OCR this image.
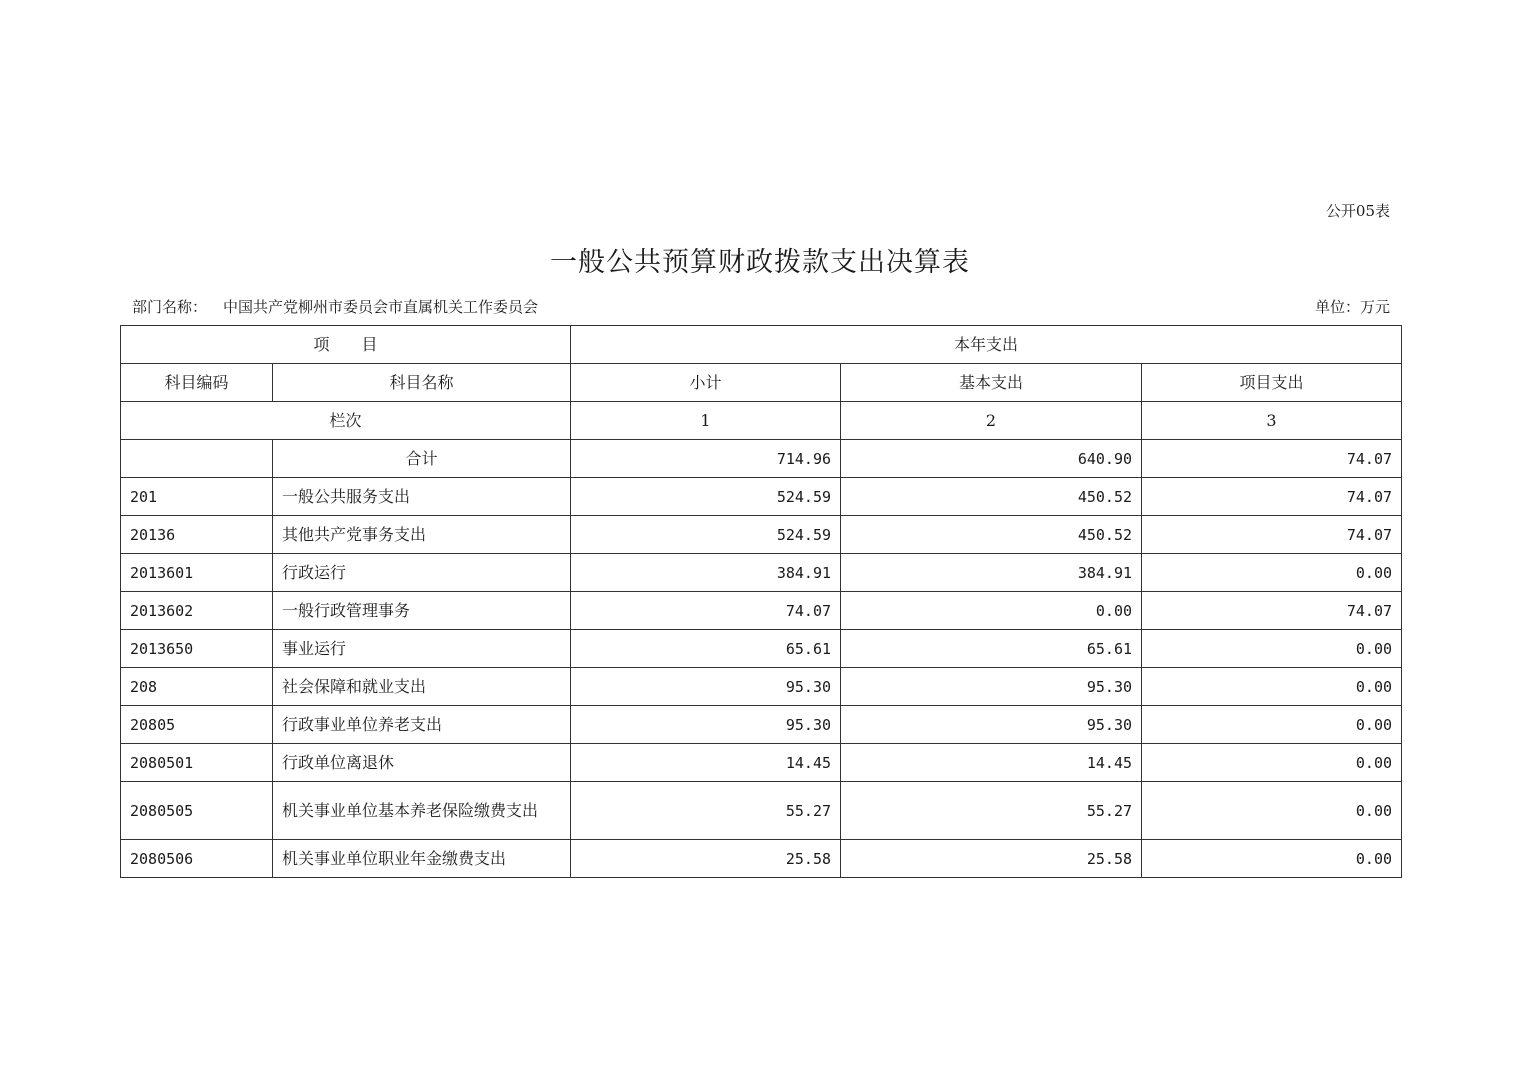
公开05表
一般公共预算财政拨款支出决算表
部门名称： 中国共产党柳州市委员会市直属机关工作委员会	单位：万元
项　　目		本年支出		
科目编码	科目名称	小计	基本支出	项目支出
栏次		1	2	3
	合计	714.96	640.90	74.07
201	一般公共服务支出	524.59	450.52	74.07
20136	其他共产党事务支出	524.59	450.52	74.07
2013601	行政运行	384.91	384.91	0.00
2013602	一般行政管理事务	74.07	0.00	74.07
2013650	事业运行	65.61	65.61	0.00
208	社会保障和就业支出	95.30	95.30	0.00
20805	行政事业单位养老支出	95.30	95.30	0.00
2080501	行政单位离退休	14.45	14.45	0.00
2080505	机关事业单位基本养老保险缴费支出	55.27	55.27	0.00
2080506	机关事业单位职业年金缴费支出	25.58	25.58	0.00
